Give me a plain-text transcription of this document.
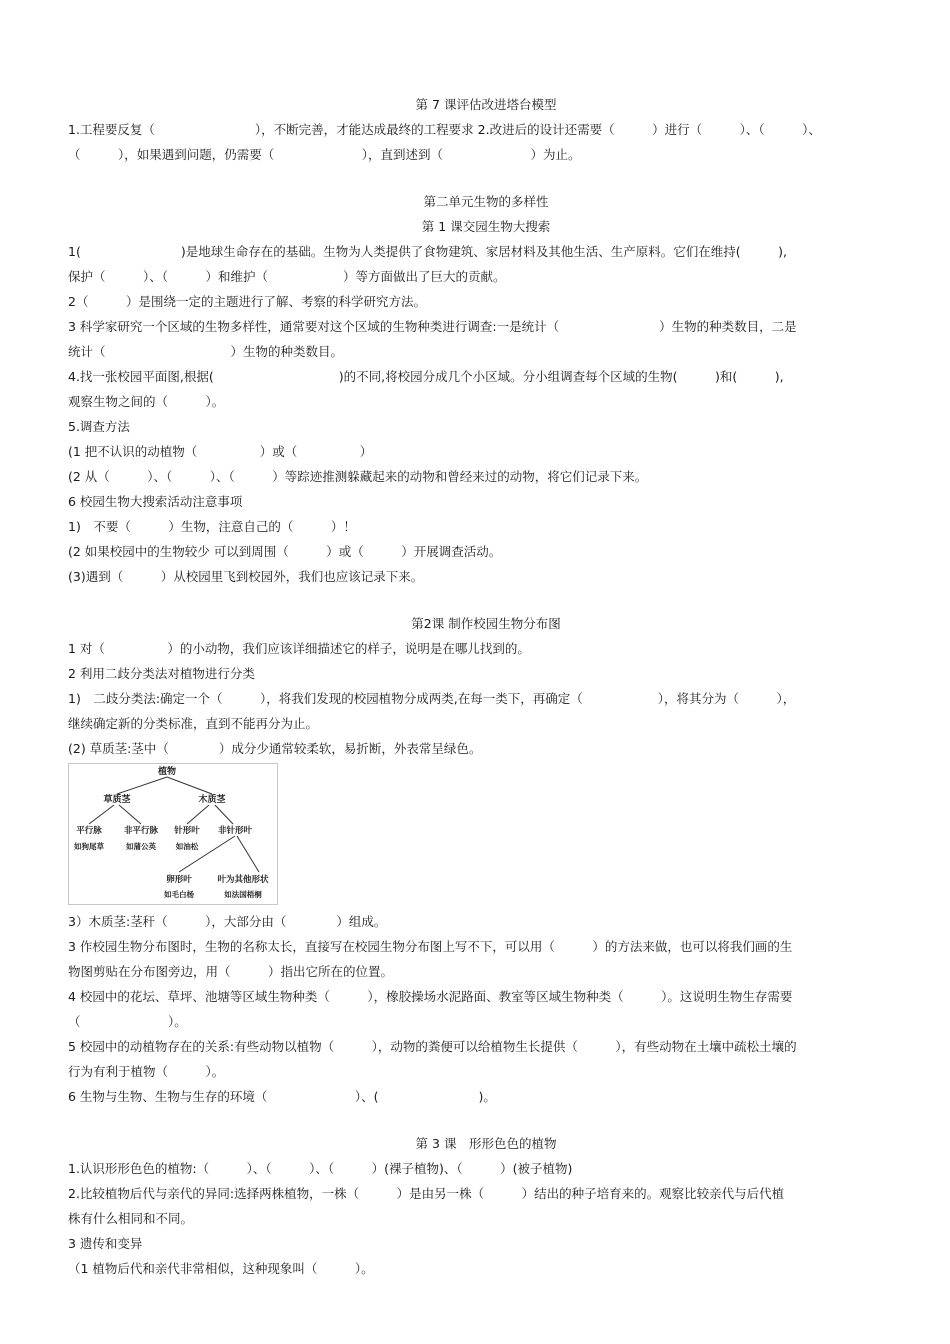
第 7 课评估改进塔台模型
1.工程要反复（　　　　　　　　），不断完善，才能达成最终的工程要求 2.改进后的设计还需要（　　　）进行（　　　）、（　　　）、
（　　　），如果遇到问题，仍需要（　　　　　　　），直到述到（　　　　　　　）为止。
第二单元生物的多样性
第 1 课交园生物大搜索
1(　　　　　　　　)是地球生命存在的基础。生物为人类提供了食物建筑、家居材料及其他生活、生产原料。它们在维持(　　　),
保护（　　　）、（　　　）和维护（　　　　　　）等方面做出了巨大的贡献。
2（　　　）是围绕一定的主题进行了解、考察的科学研究方法。
3 科学家研究一个区域的生物多样性，通常要对这个区域的生物种类进行调查:一是统计（　　　　　　　　）生物的种类数目，二是
统计（　　　　　　　　　　）生物的种类数目。
4.找一张校园平面图,根据(　　　　　　　　　　)的不同,将校园分成几个小区域。分小组调查每个区域的生物(　　　)和(　　　),
观察生物之间的（　　　）。
5.调查方法
(1 把不认识的动植物（　　　　　）或（　　　　　）
(2 从（　　　）、（　　　）、（　　　）等踪迹推测躲藏起来的动物和曾经来过的动物，将它们记录下来。
6 校园生物大搜索活动注意事项
1)　不要（　　　）生物，注意自己的（　　　）！
(2 如果校园中的生物较少 可以到周围（　　　）或（　　　）开展调查活动。
(3)遇到（　　　）从校园里飞到校园外，我们也应该记录下来。
第2课 制作校园生物分布图
1 对（　　　　　）的小动物，我们应该详细描述它的样子，说明是在哪儿找到的。
2 利用二歧分类法对植物进行分类
1)　二歧分类法:确定一个（　　　），将我们发现的校园植物分成两类,在每一类下，再确定（　　　　　　），将其分为（　　　），
继续确定新的分类标准，直到不能再分为止。
(2) 草质茎:茎中（　　　　）成分少通常较柔软，易折断，外表常呈绿色。
植物
草质茎	木质茎
平行脉
如狗尾草
非平行脉
如蒲公英
针形叶
如油松
非针形叶
卵形叶
如毛白杨
叶为其他形状
如法国梧桐
3）木质茎:茎秆（　　　），大部分由（　　　　）组成。
3 作校园生物分布图时，生物的名称太长，直接写在校园生物分布图上写不下，可以用（　　　）的方法来做，也可以将我们画的生
物图剪贴在分布图旁边，用（　　　）指出它所在的位置。
4 校园中的花坛、草坪、池塘等区域生物种类（　　　），橡胶操场水泥路面、教室等区域生物种类（　　　）。这说明生物生存需要
（　　　　　　　）。
5 校园中的动植物存在的关系:有些动物以植物（　　　），动物的粪便可以给植物生长提供（　　　），有些动物在土壤中疏松土壤的
行为有利于植物（　　　）。
6 生物与生物、生物与生存的环境（　　　　　　　）、(　　　　　　　　)。
第 3 课　形形色色的植物
1.认识形形色色的植物:（　　　）、（　　　）、（　　　）(裸子植物)、（　　　）(被子植物)
2.比较植物后代与亲代的异同:选择两株植物，一株（　　　）是由另一株（　　　）结出的种子培育来的。观察比较亲代与后代植
株有什么相同和不同。
3 遗传和变异
（1 植物后代和亲代非常相似，这种现象叫（　　　）。
